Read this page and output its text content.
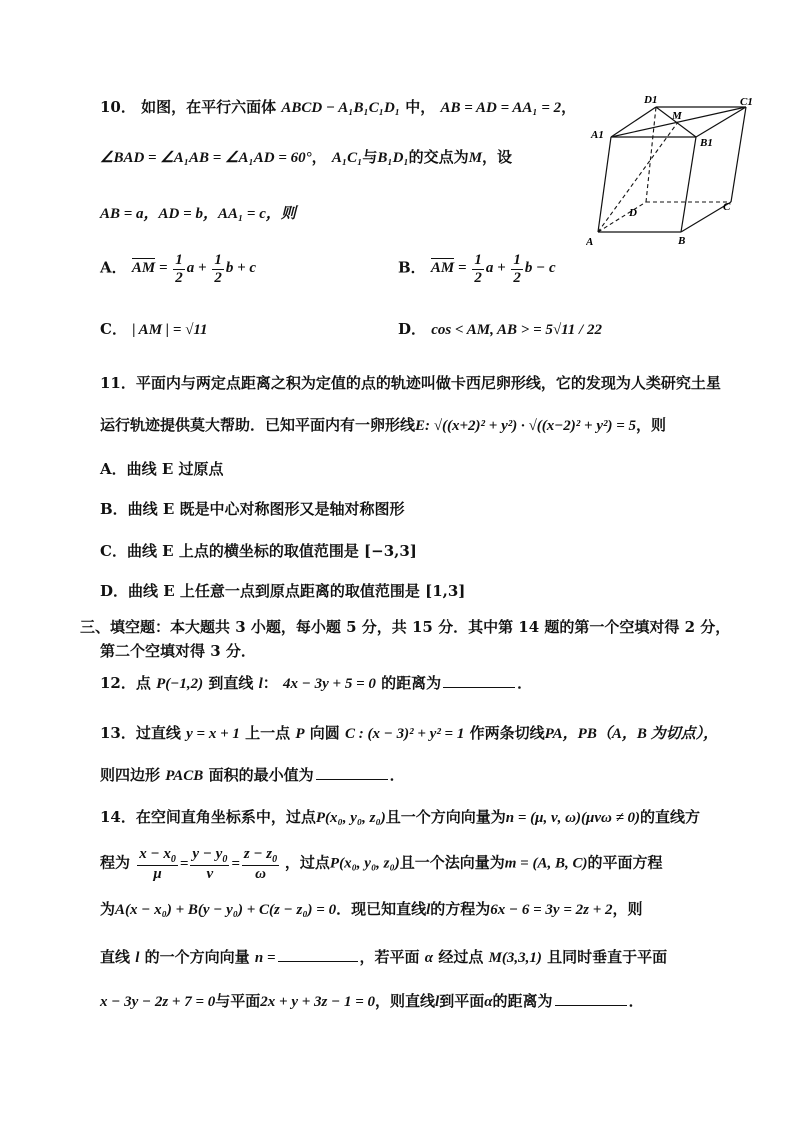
10． 如图，在平行六面体 ABCD − A₁B₁C₁D₁ 中， AB = AD = AA₁ = 2，
∠BAD = ∠A₁AB = ∠A₁AD = 60°， A₁C₁与B₁D₁的交点为M，设
AB = a，AD = b，AA₁ = c，则
A． AM = $\frac{1}{2}$ $a + \frac{1}{2}$ b + c	B． AM = $\frac{1}{2}$ $a + \frac{1}{2}$ b − c
C． | AM | = √11	D． cos < AM, AB > = 5√11 / 22
D1
M
C1
A1
B1
D	C
A	B
11．平面内与两定点距离之积为定值的点的轨迹叫做卡西尼卵形线，它的发现为人类研究土星
运行轨迹提供莫大帮助．已知平面内有一卵形线E: √((x+2)² + y²) · √((x−2)² + y²) = 5，则
A．曲线 E 过原点
B．曲线 E 既是中心对称图形又是轴对称图形
C．曲线 E 上点的横坐标的取值范围是 [−3,3]
D．曲线 E 上任意一点到原点距离的取值范围是 [1,3]
三、填空题：本大题共 3 小题，每小题 5 分，共 15 分．其中第 14 题的第一个空填对得 2 分，
第二个空填对得 3 分．
12．点 P(−1,2) 到直线 l： 4x − 3y + 5 = 0 的距离为	．
13．过直线 y = x + 1 上一点 P 向圆 C : (x − 3)² + y² = 1 作两条切线PA，PB（A，B 为切点），
则四边形 PACB 面积的最小值为	．
14．在空间直角坐标系中，过点P(x₀, y₀, z₀)且一个方向向量为n = (μ, ν, ω)(μνω ≠ 0)的直线方
程为 $\frac{x - x_0}{\mu} = \frac{y - y_0}{\nu} = \frac{z - z_0}{\omega}$ ，过点P(x₀, y₀, z₀)且一个法向量为m = (A, B, C)的平面方程
为A(x − x₀) + B(y − y₀) + C(z − z₀) = 0．现已知直线l的方程为6x − 6 = 3y = 2z + 2，则
直线 l 的一个方向向量 n =	，若平面 α 经过点 M(3,3,1) 且同时垂直于平面
x − 3y − 2z + 7 = 0与平面2x + y + 3z − 1 = 0，则直线l到平面α的距离为	．
